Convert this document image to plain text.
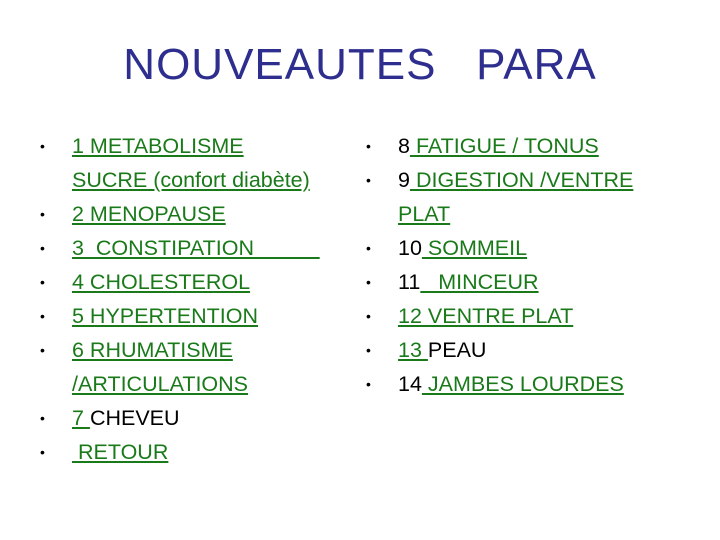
NOUVEAUTES   PARA
• 1 METABOLISME
SUCRE (confort diabète)
• 2 MENOPAUSE
• 3  CONSTIPATION
• 4 CHOLESTEROL
• 5 HYPERTENTION
• 6 RHUMATISME
/ARTICULATIONS
• 7 CHEVEU
• RETOUR
• 8 FATIGUE / TONUS
• 9 DIGESTION /VENTRE
PLAT
• 10 SOMMEIL
• 11   MINCEUR
• 12 VENTRE PLAT
• 13 PEAU
• 14 JAMBES LOURDES
